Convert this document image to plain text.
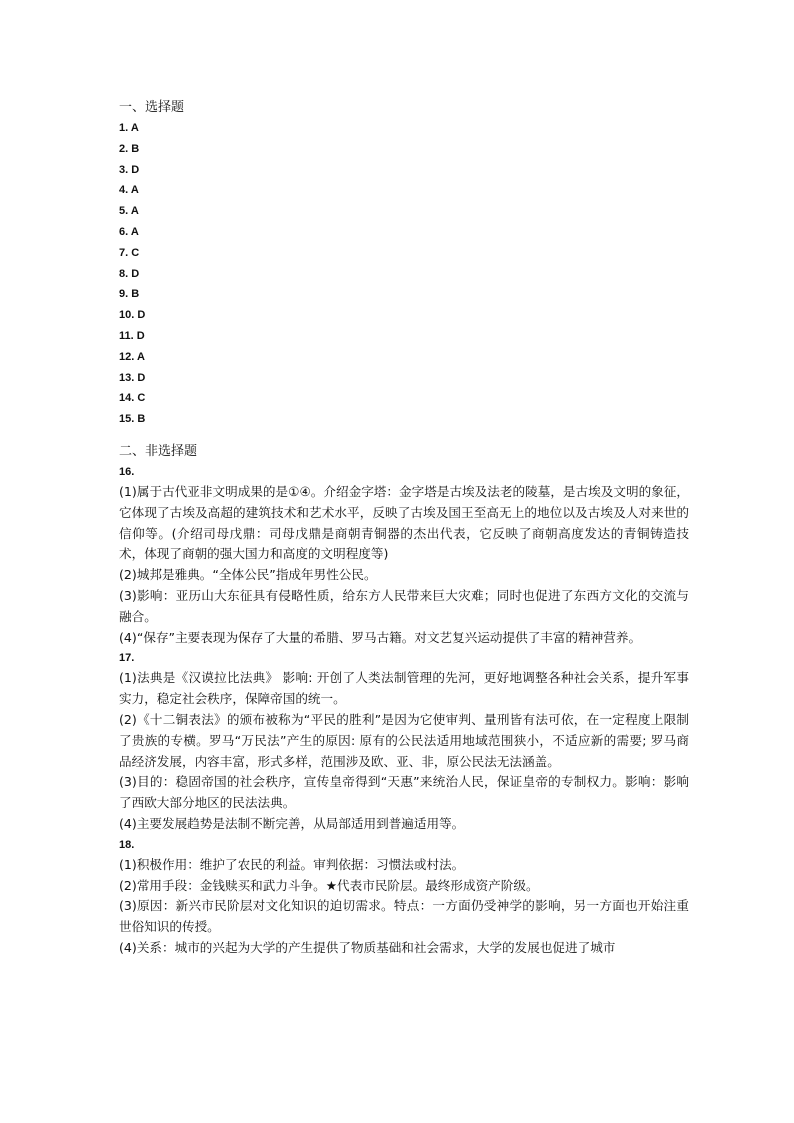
一、选择题
1. A
2. B
3. D
4. A
5. A
6. A
7. C
8. D
9. B
10. D
11. D
12. A
13. D
14. C
15. B
二、非选择题
16.

(1)属于古代亚非文明成果的是①④。介绍金字塔：金字塔是古埃及法老的陵墓，是古埃及文明的象征，它体现了古埃及高超的建筑技术和艺术水平，反映了古埃及国王至高无上的地位以及古埃及人对来世的信仰等。(介绍司母戊鼎：司母戊鼎是商朝青铜器的杰出代表，它反映了商朝高度发达的青铜铸造技术，体现了商朝的强大国力和高度的文明程度等)

(2)城邦是雅典。“全体公民”指成年男性公民。

(3)影响：亚历山大东征具有侵略性质，给东方人民带来巨大灾难；同时也促进了东西方文化的交流与融合。

(4)“保存”主要表现为保存了大量的希腊、罗马古籍。对文艺复兴运动提供了丰富的精神营养。

17.

(1)法典是《汉谟拉比法典》 影响: 开创了人类法制管理的先河，更好地调整各种社会关系，提升军事实力，稳定社会秩序，保障帝国的统一。

(2)《十二铜表法》的颁布被称为“平民的胜利”是因为它使审判、量刑皆有法可依，在一定程度上限制了贵族的专横。罗马“万民法”产生的原因: 原有的公民法适用地域范围狭小，不适应新的需要; 罗马商品经济发展，内容丰富，形式多样，范围涉及欧、亚、非，原公民法无法涵盖。

(3)目的：稳固帝国的社会秩序，宣传皇帝得到“天惠”来统治人民，保证皇帝的专制权力。影响：影响了西欧大部分地区的民法法典。

(4)主要发展趋势是法制不断完善，从局部适用到普遍适用等。

18.

(1)积极作用：维护了农民的利益。审判依据：习惯法或村法。

(2)常用手段：金钱赎买和武力斗争。★代表市民阶层。最终形成资产阶级。

(3)原因：新兴市民阶层对文化知识的迫切需求。特点：一方面仍受神学的影响，另一方面也开始注重世俗知识的传授。

(4)关系：城市的兴起为大学的产生提供了物质基础和社会需求，大学的发展也促进了城市
